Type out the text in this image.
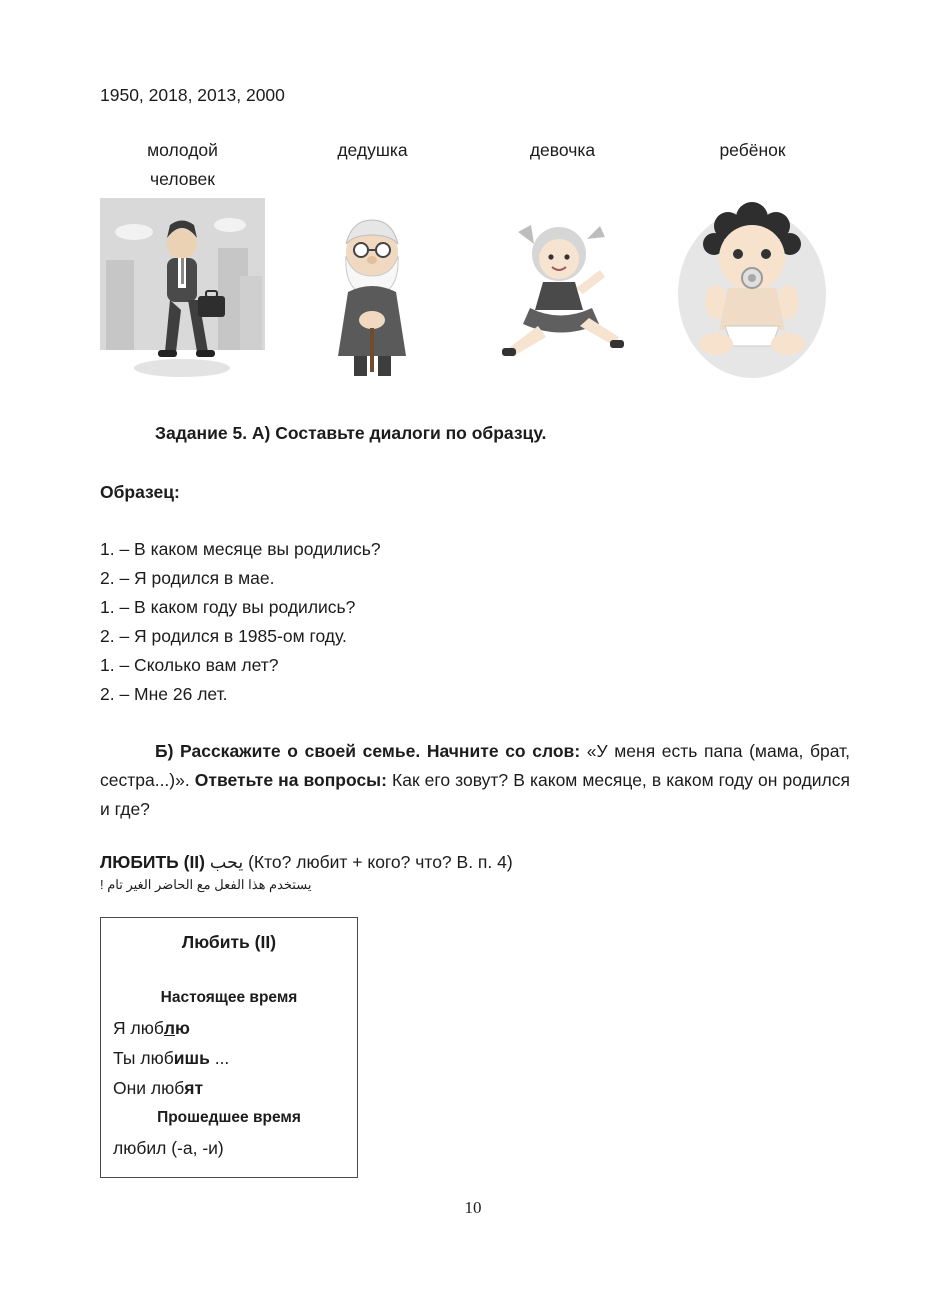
1950, 2018, 2013, 2000
молодой человек
дедушка	девочка	ребёнок
Задание 5. А) Составьте диалоги по образцу.
Образец:
1. – В каком месяце вы родились?
2. – Я родился в мае.
1. – В каком году вы родились?
2. – Я родился в 1985-ом году.
1. – Сколько вам лет?
2. – Мне 26 лет.
Б) Расскажите о своей семье. Начните со слов: «У меня есть папа (мама, брат, сестра...)». Ответьте на вопросы: Как его зовут? В каком месяце, в каком году он родился и где?
ЛЮБИТЬ (II) يحب (Кто? любит + кого? что? В. п. 4)
يستخدم هذا الفعل مع الحاضر الغير تام !
Любить (II)
Настоящее время
Я люблю
Ты любишь ...
Они любят
Прошедшее время
любил (-а, -и)
10
